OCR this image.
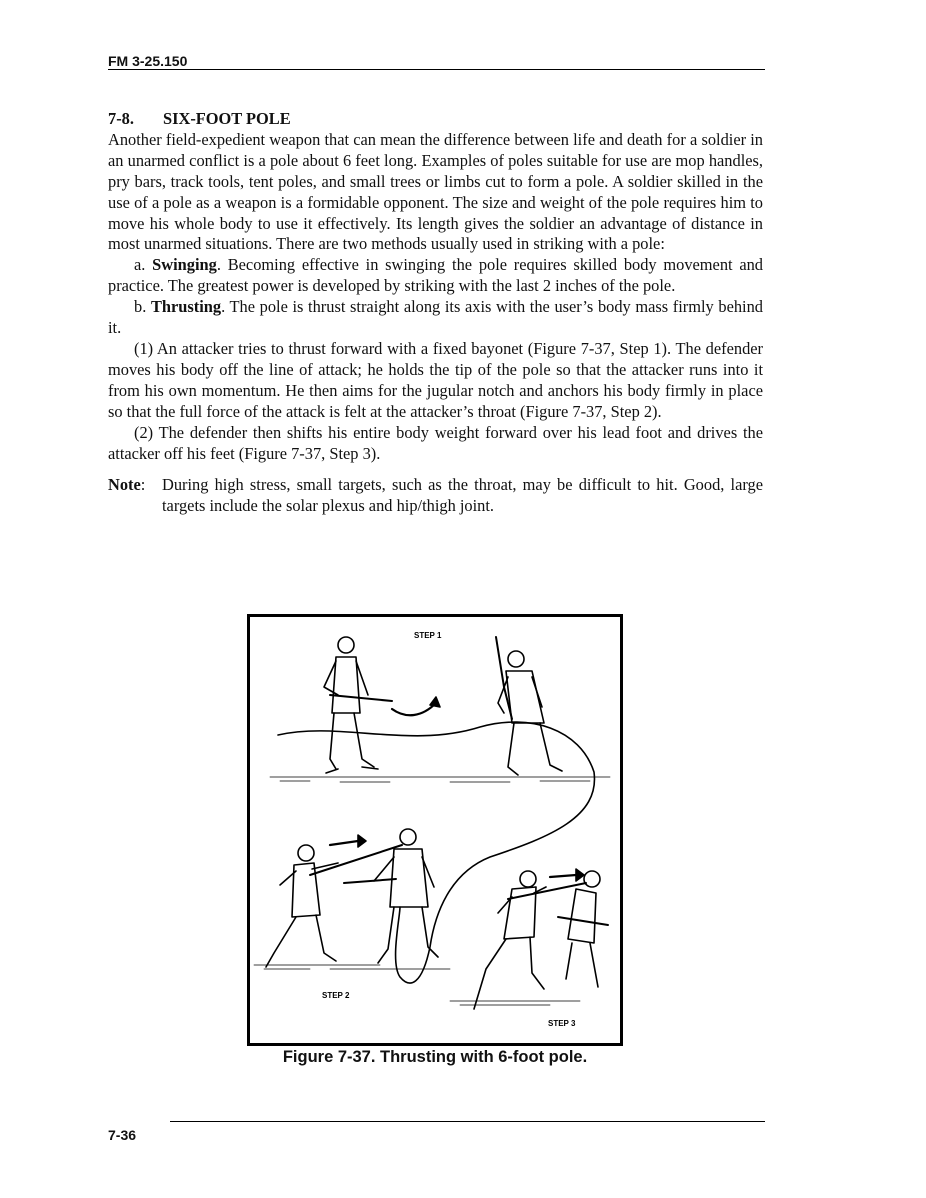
FM 3-25.150

7-8. SIX-FOOT POLE

Another field-expedient weapon that can mean the difference between life and death for a soldier in an unarmed conflict is a pole about 6 feet long. Examples of poles suitable for use are mop handles, pry bars, track tools, tent poles, and small trees or limbs cut to form a pole. A soldier skilled in the use of a pole as a weapon is a formidable opponent. The size and weight of the pole requires him to move his whole body to use it effectively. Its length gives the soldier an advantage of distance in most unarmed situations. There are two methods usually used in striking with a pole:

a. Swinging. Becoming effective in swinging the pole requires skilled body movement and practice. The greatest power is developed by striking with the last 2 inches of the pole.

b. Thrusting. The pole is thrust straight along its axis with the user’s body mass firmly behind it.

(1) An attacker tries to thrust forward with a fixed bayonet (Figure 7-37, Step 1). The defender moves his body off the line of attack; he holds the tip of the pole so that the attacker runs into it from his own momentum. He then aims for the jugular notch and anchors his body firmly in place so that the full force of the attack is felt at the attacker’s throat (Figure 7-37, Step 2).

(2) The defender then shifts his entire body weight forward over his lead foot and drives the attacker off his feet (Figure 7-37, Step 3).

Note:	During high stress, small targets, such as the throat, may be difficult to hit. Good, large targets include the solar plexus and hip/thigh joint.

STEP 1
STEP 2
STEP 3
Figure 7-37. Thrusting with 6-foot pole.
7-36
